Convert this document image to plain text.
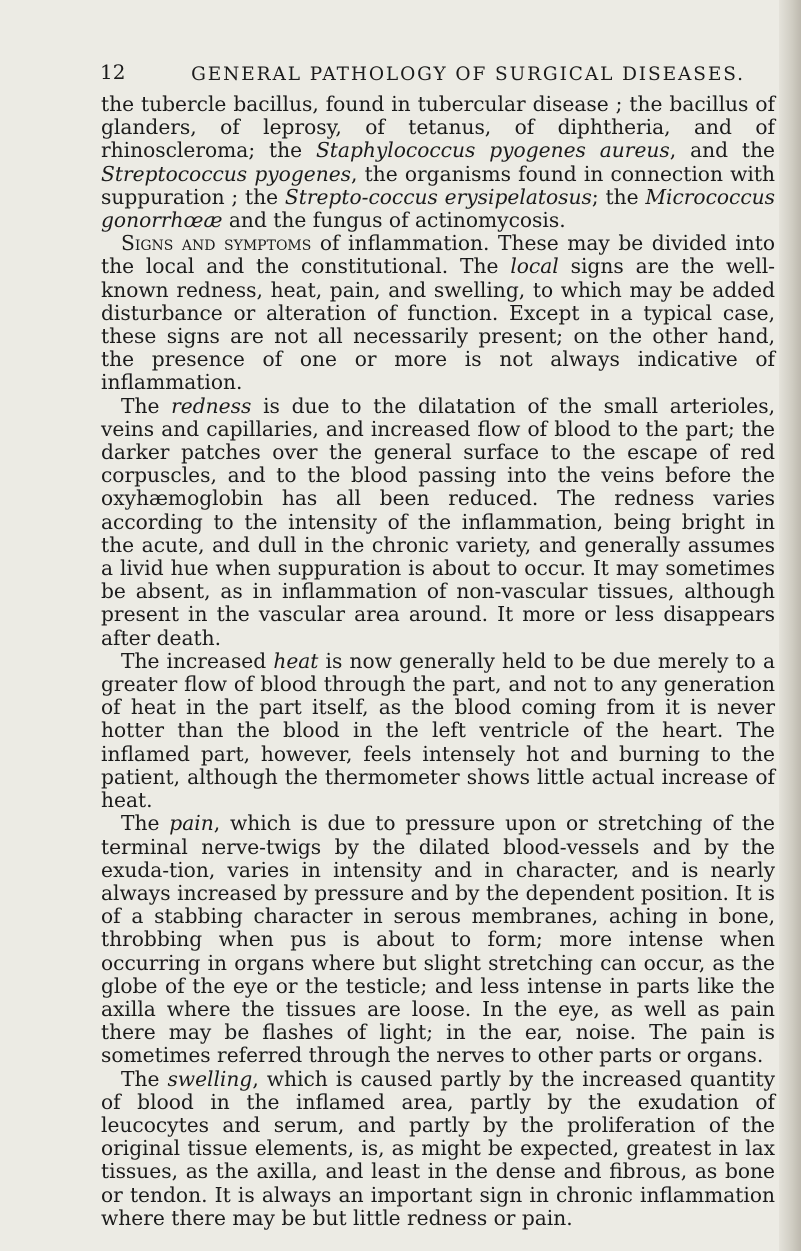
12	GENERAL PATHOLOGY OF SURGICAL DISEASES.

the tubercle bacillus, found in tubercular disease ; the bacillus of glanders, of leprosy, of tetanus, of diphtheria, and of rhinoscleroma; the Staphylococcus pyogenes aureus, and the Streptococcus pyogenes, the organisms found in connection with suppuration ; the Strepto-coccus erysipelatosus; the Micrococcus gonorrhœæ and the fungus of actinomycosis.

Signs and symptoms of inflammation. These may be divided into the local and the constitutional. The local signs are the well-known redness, heat, pain, and swelling, to which may be added disturbance or alteration of function. Except in a typical case, these signs are not all necessarily present; on the other hand, the presence of one or more is not always indicative of inflammation.

The redness is due to the dilatation of the small arterioles, veins and capillaries, and increased flow of blood to the part; the darker patches over the general surface to the escape of red corpuscles, and to the blood passing into the veins before the oxyhæmoglobin has all been reduced. The redness varies according to the intensity of the inflammation, being bright in the acute, and dull in the chronic variety, and generally assumes a livid hue when suppuration is about to occur. It may sometimes be absent, as in inflammation of non-vascular tissues, although present in the vascular area around. It more or less disappears after death.

The increased heat is now generally held to be due merely to a greater flow of blood through the part, and not to any generation of heat in the part itself, as the blood coming from it is never hotter than the blood in the left ventricle of the heart. The inflamed part, however, feels intensely hot and burning to the patient, although the thermometer shows little actual increase of heat.

The pain, which is due to pressure upon or stretching of the terminal nerve-twigs by the dilated blood-vessels and by the exuda-tion, varies in intensity and in character, and is nearly always increased by pressure and by the dependent position. It is of a stabbing character in serous membranes, aching in bone, throbbing when pus is about to form; more intense when occurring in organs where but slight stretching can occur, as the globe of the eye or the testicle; and less intense in parts like the axilla where the tissues are loose. In the eye, as well as pain there may be flashes of light; in the ear, noise. The pain is sometimes referred through the nerves to other parts or organs.

The swelling, which is caused partly by the increased quantity of blood in the inflamed area, partly by the exudation of leucocytes and serum, and partly by the proliferation of the original tissue elements, is, as might be expected, greatest in lax tissues, as the axilla, and least in the dense and fibrous, as bone or tendon. It is always an important sign in chronic inflammation where there may be but little redness or pain.
